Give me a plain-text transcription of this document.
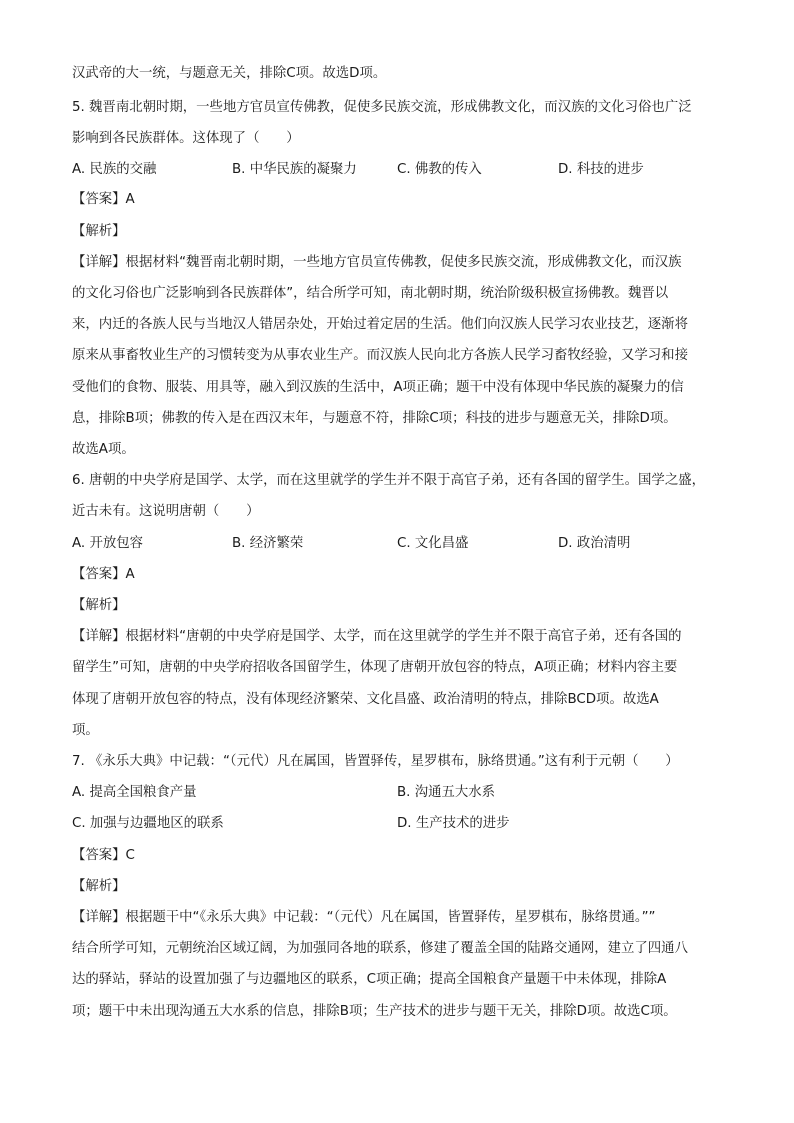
汉武帝的大一统，与题意无关，排除C项。故选D项。
5. 魏晋南北朝时期，一些地方官员宣传佛教，促使多民族交流，形成佛教文化，而汉族的文化习俗也广泛
影响到各民族群体。这体现了（　　）
A. 民族的交融	B. 中华民族的凝聚力	C. 佛教的传入	D. 科技的进步
【答案】A
【解析】
【详解】根据材料“魏晋南北朝时期，一些地方官员宣传佛教，促使多民族交流，形成佛教文化，而汉族
的文化习俗也广泛影响到各民族群体”，结合所学可知，南北朝时期，统治阶级积极宣扬佛教。魏晋以
来，内迁的各族人民与当地汉人错居杂处，开始过着定居的生活。他们向汉族人民学习农业技艺，逐渐将
原来从事畜牧业生产的习惯转变为从事农业生产。而汉族人民向北方各族人民学习畜牧经验，又学习和接
受他们的食物、服装、用具等，融入到汉族的生活中，A项正确；题干中没有体现中华民族的凝聚力的信
息，排除B项；佛教的传入是在西汉末年，与题意不符，排除C项；科技的进步与题意无关，排除D项。
故选A项。
6. 唐朝的中央学府是国学、太学，而在这里就学的学生并不限于高官子弟，还有各国的留学生。国学之盛，
近古未有。这说明唐朝（　　）
A. 开放包容	B. 经济繁荣	C. 文化昌盛	D. 政治清明
【答案】A
【解析】
【详解】根据材料“唐朝的中央学府是国学、太学，而在这里就学的学生并不限于高官子弟，还有各国的
留学生”可知，唐朝的中央学府招收各国留学生，体现了唐朝开放包容的特点，A项正确；材料内容主要
体现了唐朝开放包容的特点，没有体现经济繁荣、文化昌盛、政治清明的特点，排除BCD项。故选A
项。
7. 《永乐大典》中记载：“（元代）凡在属国，皆置驿传，星罗棋布，脉络贯通。”这有利于元朝（　　）
A. 提高全国粮食产量	B. 沟通五大水系
C. 加强与边疆地区的联系	D. 生产技术的进步
【答案】C
【解析】
【详解】根据题干中“《永乐大典》中记载：“（元代）凡在属国，皆置驿传，星罗棋布，脉络贯通。””
结合所学可知，元朝统治区域辽阔，为加强同各地的联系，修建了覆盖全国的陆路交通网，建立了四通八
达的驿站，驿站的设置加强了与边疆地区的联系，C项正确；提高全国粮食产量题干中未体现，排除A
项；题干中未出现沟通五大水系的信息，排除B项；生产技术的进步与题干无关，排除D项。故选C项。
